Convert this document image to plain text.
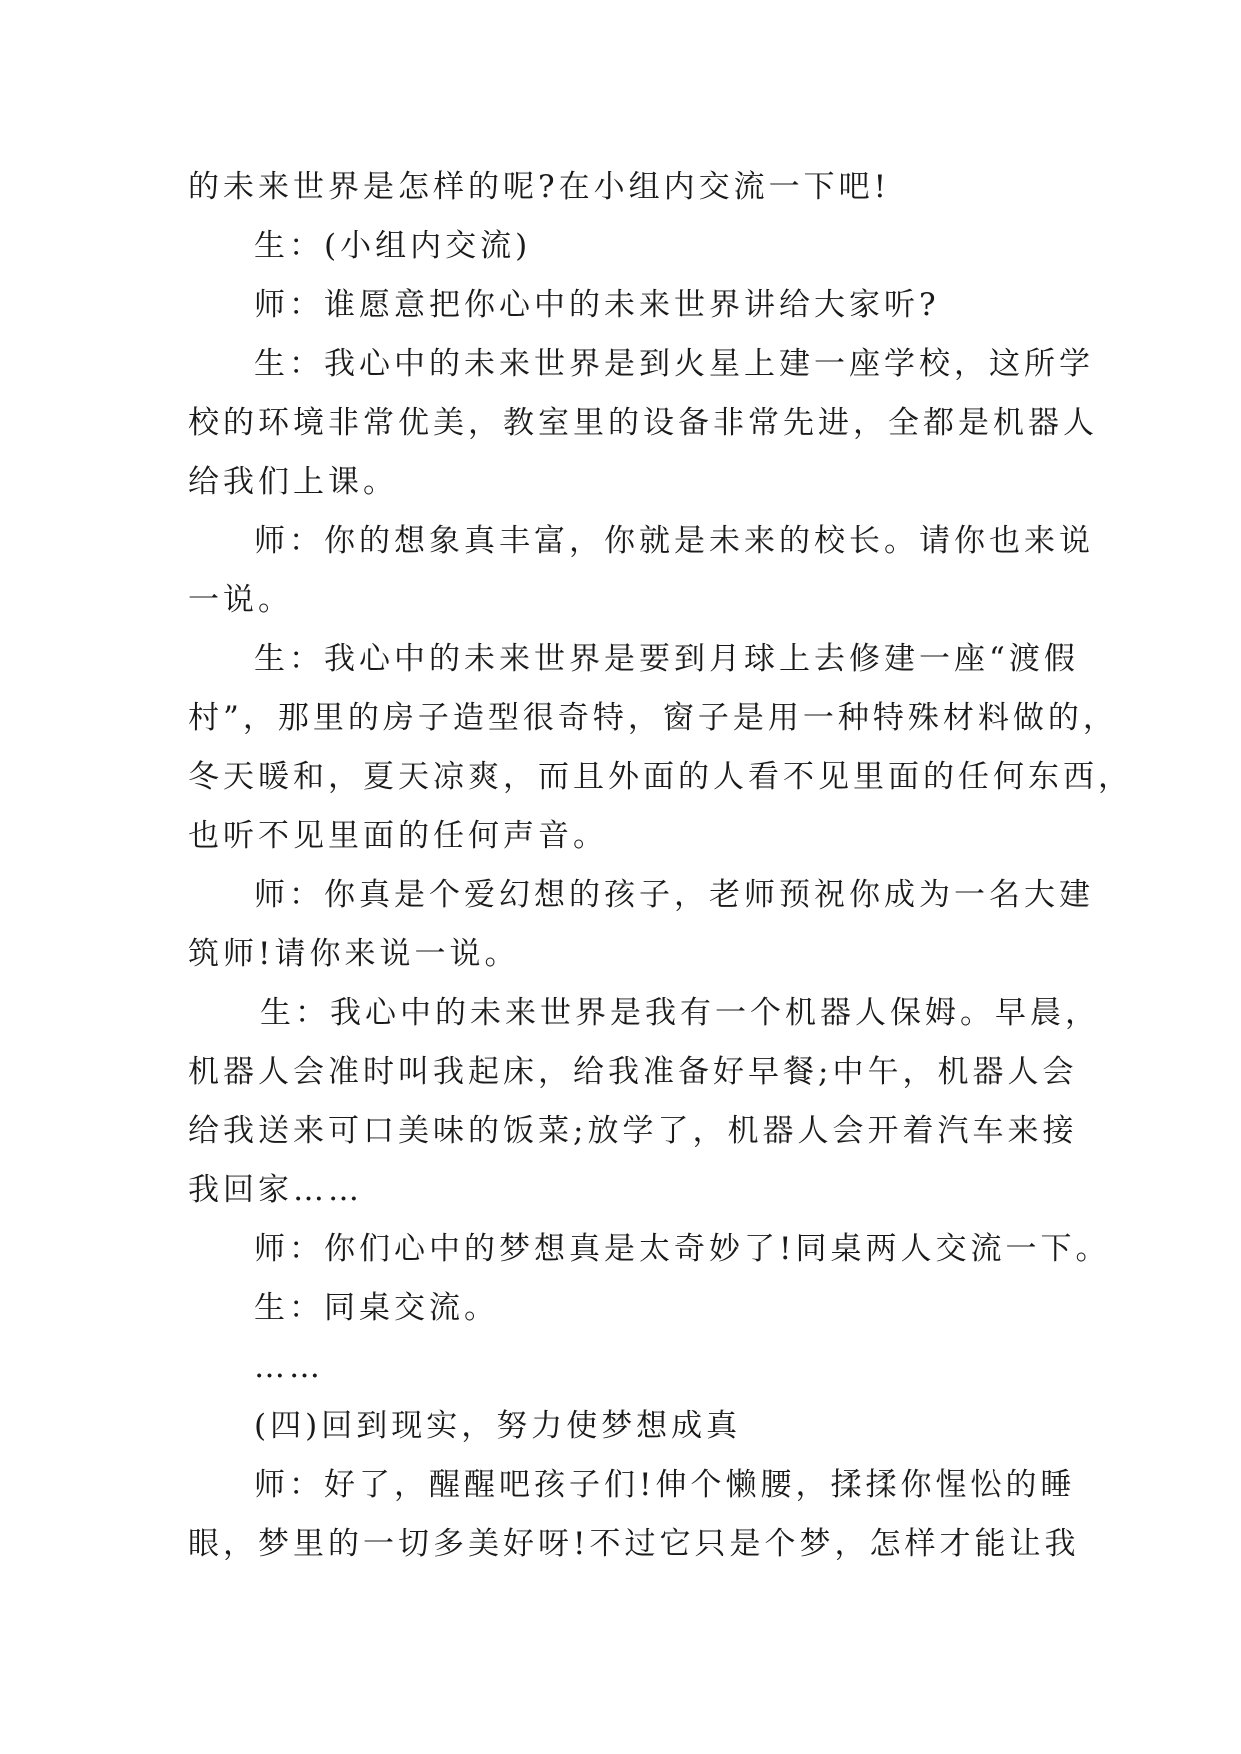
的未来世界是怎样的呢?在小组内交流一下吧!
生：(小组内交流)
师：谁愿意把你心中的未来世界讲给大家听?
生：我心中的未来世界是到火星上建一座学校，这所学
校的环境非常优美，教室里的设备非常先进，全都是机器人
给我们上课。
师：你的想象真丰富，你就是未来的校长。请你也来说
一说。
生：我心中的未来世界是要到月球上去修建一座“渡假
村”，那里的房子造型很奇特，窗子是用一种特殊材料做的，
冬天暖和，夏天凉爽，而且外面的人看不见里面的任何东西，
也听不见里面的任何声音。
师：你真是个爱幻想的孩子，老师预祝你成为一名大建
筑师!请你来说一说。
生：我心中的未来世界是我有一个机器人保姆。早晨，
机器人会准时叫我起床，给我准备好早餐;中午，机器人会
给我送来可口美味的饭菜;放学了，机器人会开着汽车来接
我回家……
师：你们心中的梦想真是太奇妙了!同桌两人交流一下。
生：同桌交流。
……
(四)回到现实，努力使梦想成真
师：好了，醒醒吧孩子们!伸个懒腰，揉揉你惺忪的睡
眼，梦里的一切多美好呀!不过它只是个梦，怎样才能让我
